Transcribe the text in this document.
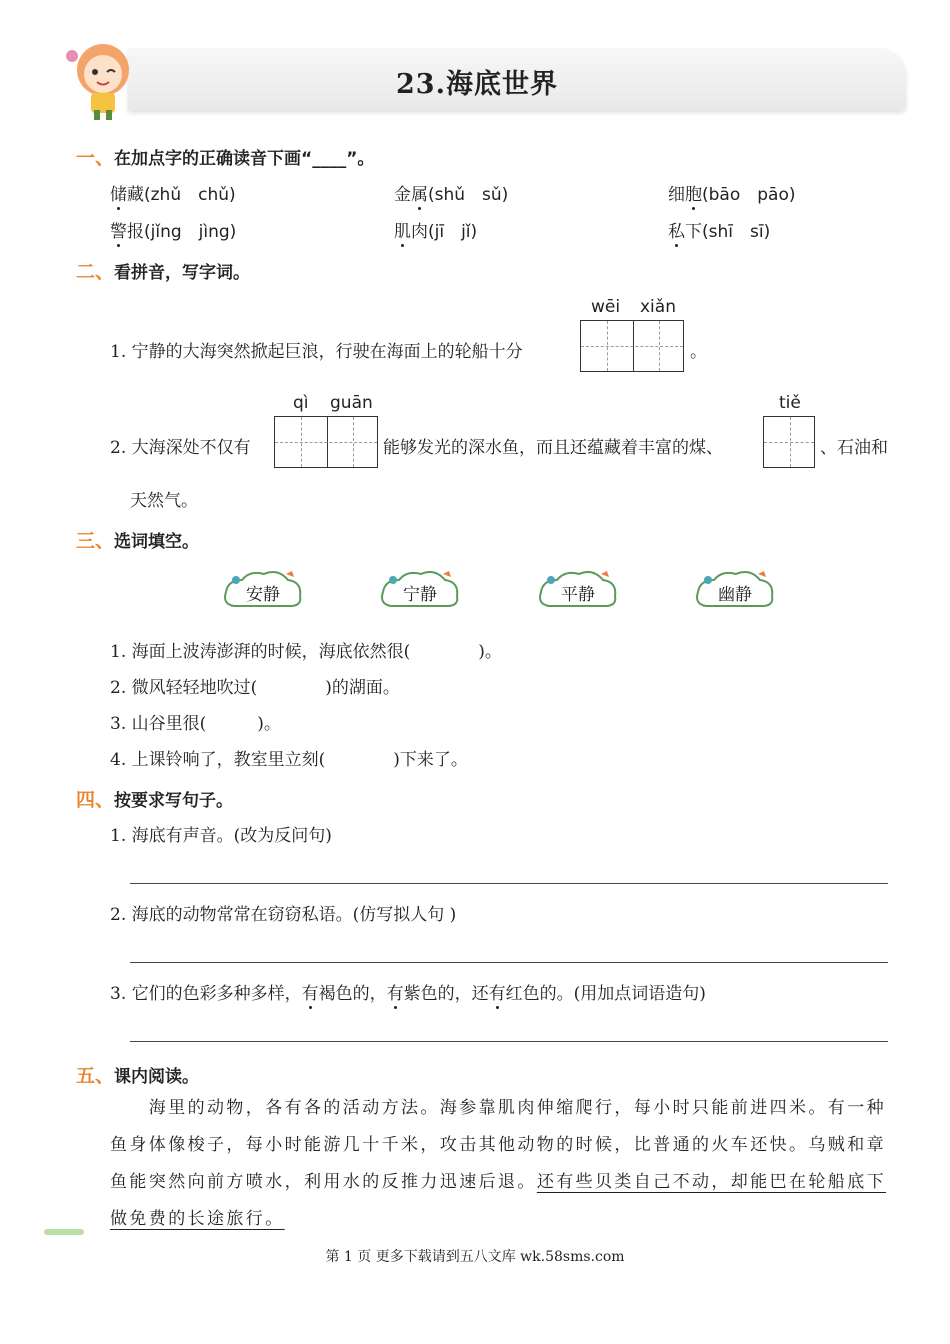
23.海底世界
一、在加点字的正确读音下画“____”。
储藏(zhǔ　chǔ)	金属(shǔ　sǔ)	细胞(bāo　pāo)
警报(jǐng　jìng)	肌肉(jī　jǐ)	私下(shī　sī)
二、看拼音，写字词。
wēi xiǎn
1. 宁静的大海突然掀起巨浪，行驶在海面上的轮船十分	。
qì guān	tiě
2. 大海深处不仅有	能够发光的深水鱼，而且还蕴藏着丰富的煤、	、石油和
天然气。
三、选词填空。
安静	宁静	平静	幽静
1. 海面上波涛澎湃的时候，海底依然很(　　　　)。
2. 微风轻轻地吹过(　　　　)的湖面。
3. 山谷里很(　　　)。
4. 上课铃响了，教室里立刻(　　　　)下来了。
四、按要求写句子。
1. 海底有声音。(改为反问句)
2. 海底的动物常常在窃窃私语。(仿写拟人句 )
3. 它们的色彩多种多样，有褐色的，有紫色的，还有红色的。(用加点词语造句)
五、课内阅读。
　　海里的动物，各有各的活动方法。海参靠肌肉伸缩爬行，每小时只能前进四米。有一种
鱼身体像梭子，每小时能游几十千米，攻击其他动物的时候，比普通的火车还快。乌贼和章
鱼能突然向前方喷水，利用水的反推力迅速后退。还有些贝类自己不动，却能巴在轮船底下
做免费的长途旅行。
第 1 页 更多下载请到五八文库 wk.58sms.com
